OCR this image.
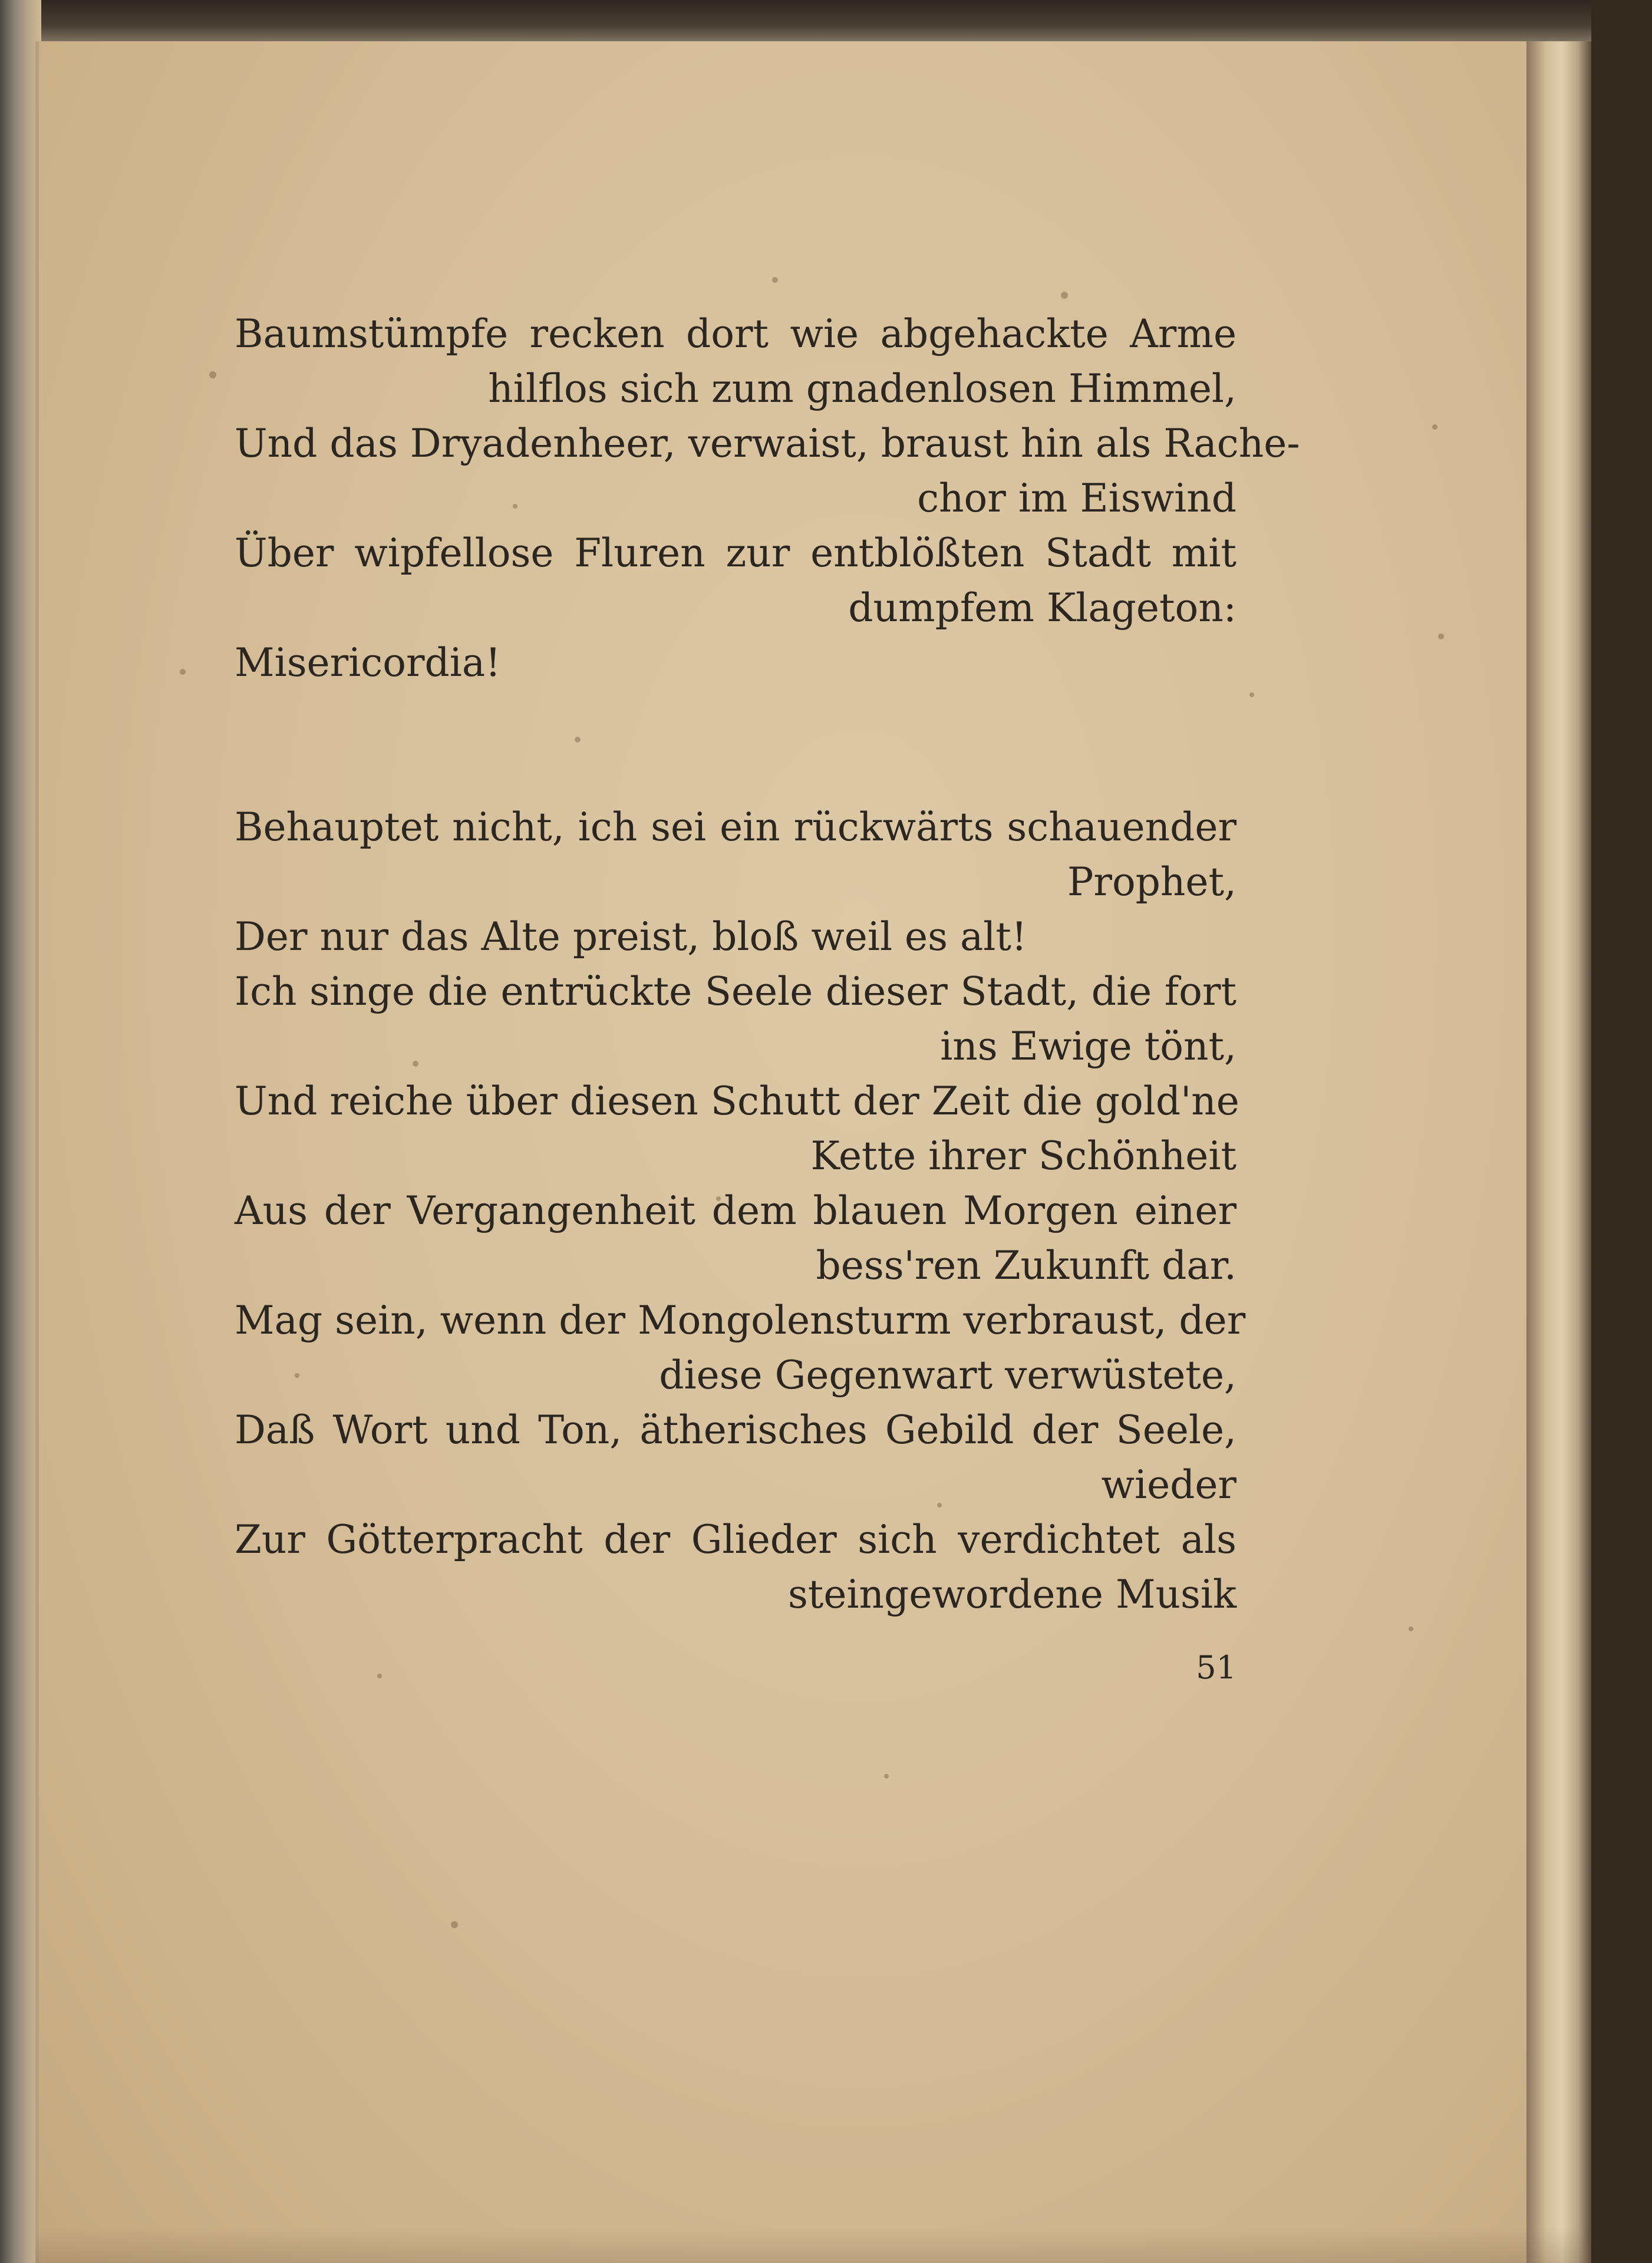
Baumstümpfe recken dort wie abgehackte Arme
hilflos sich zum gnadenlosen Himmel,
Und das Dryadenheer, verwaist, braust hin als Rache-
chor im Eiswind
Über wipfellose Fluren zur entblößten Stadt mit
dumpfem Klageton:
Misericordia!
Behauptet nicht, ich sei ein rückwärts schauender
Prophet,
Der nur das Alte preist, bloß weil es alt!
Ich singe die entrückte Seele dieser Stadt, die fort
ins Ewige tönt,
Und reiche über diesen Schutt der Zeit die gold'ne
Kette ihrer Schönheit
Aus der Vergangenheit dem blauen Morgen einer
bess'ren Zukunft dar.
Mag sein, wenn der Mongolensturm verbraust, der
diese Gegenwart verwüstete,
Daß Wort und Ton, ätherisches Gebild der Seele,
wieder
Zur Götterpracht der Glieder sich verdichtet als
steingewordene Musik
51
